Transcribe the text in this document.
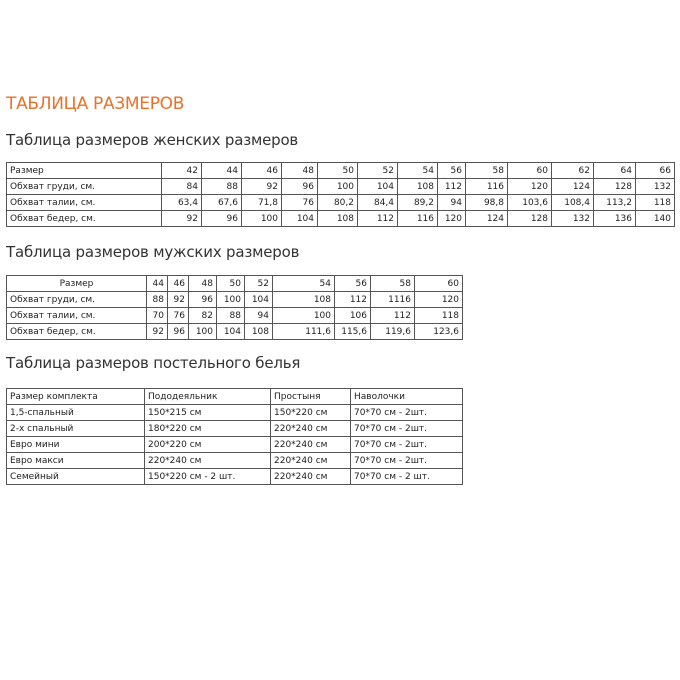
ТАБЛИЦА РАЗМЕРОВ
Таблица размеров женских размеров
Размер	42	44	46	48	50	52	54	56	58	60	62	64	66
Обхват груди, см.	84	88	92	96	100	104	108	112	116	120	124	128	132
Обхват талии, см.	63,4	67,6	71,8	76	80,2	84,4	89,2	94	98,8	103,6	108,4	113,2	118
Обхват бедер, см.	92	96	100	104	108	112	116	120	124	128	132	136	140
Таблица размеров мужских размеров
Размер	44	46	48	50	52	54	56	58	60
Обхват груди, см.	88	92	96	100	104	108	112	1116	120
Обхват талии, см.	70	76	82	88	94	100	106	112	118
Обхват бедер, см.	92	96	100	104	108	111,6	115,6	119,6	123,6
Таблица размеров постельного белья
Размер комплекта	Пододеяльник	Простыня	Наволочки
1,5-спальный	150*215 см	150*220 см	70*70 см - 2шт.
2-х спальный	180*220 см	220*240 см	70*70 см - 2шт.
Евро мини	200*220 см	220*240 см	70*70 см - 2шт.
Евро макси	220*240 см	220*240 см	70*70 см - 2шт.
Семейный	150*220 см - 2 шт.	220*240 см	70*70 см - 2 шт.
